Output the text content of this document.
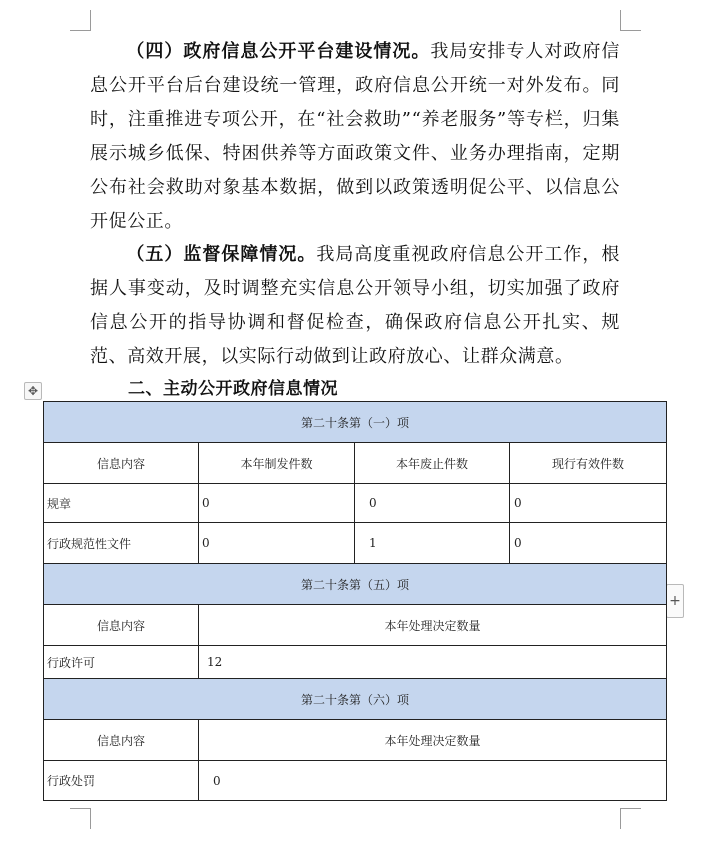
（四）政府信息公开平台建设情况。我局安排专人对政府信息公开平台后台建设统一管理，政府信息公开统一对外发布。同时，注重推进专项公开，在“社会救助”“养老服务”等专栏，归集展示城乡低保、特困供养等方面政策文件、业务办理指南，定期公布社会救助对象基本数据，做到以政策透明促公平、以信息公开促公正。

（五）监督保障情况。我局高度重视政府信息公开工作，根据人事变动，及时调整充实信息公开领导小组，切实加强了政府信息公开的指导协调和督促检查，确保政府信息公开扎实、规范、高效开展，以实际行动做到让政府放心、让群众满意。

二、主动公开政府信息情况
✥
+
第二十条第（一）项			
信息内容	本年制发件数	本年废止件数	现行有效件数
规章	0	0	0
行政规范性文件	0	1	0
第二十条第（五）项			
信息内容	本年处理决定数量		
行政许可	12		
第二十条第（六）项			
信息内容	本年处理决定数量		
行政处罚	0		
